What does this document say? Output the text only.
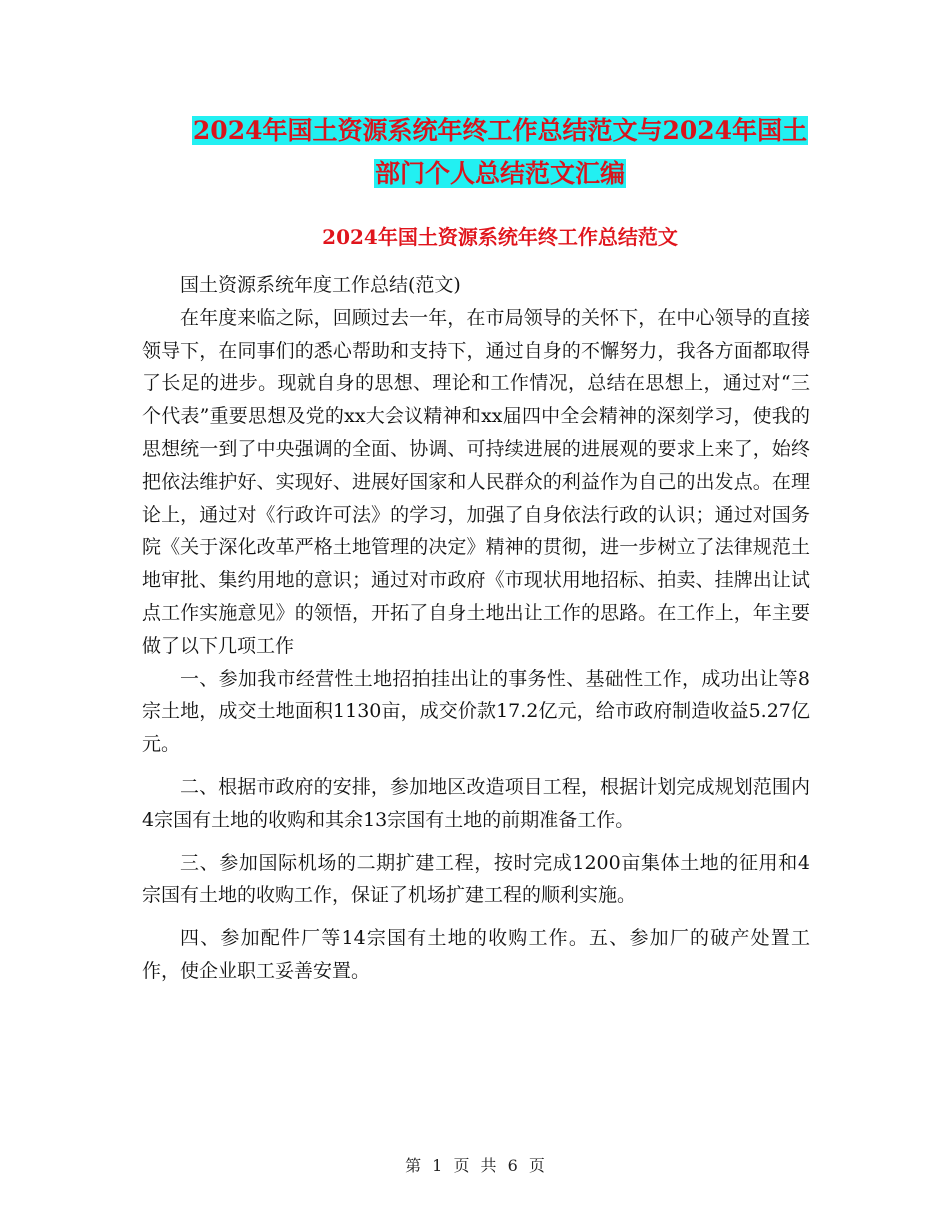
2024年国土资源系统年终工作总结范文与2024年国土
部门个人总结范文汇编
2024年国土资源系统年终工作总结范文

国土资源系统年度工作总结(范文)

在年度来临之际，回顾过去一年，在市局领导的关怀下，在中心领导的直接领导下，在同事们的悉心帮助和支持下，通过自身的不懈努力，我各方面都取得了长足的进步。现就自身的思想、理论和工作情况，总结在思想上，通过对“三个代表”重要思想及党的xx大会议精神和xx届四中全会精神的深刻学习，使我的思想统一到了中央强调的全面、协调、可持续进展的进展观的要求上来了，始终把依法维护好、实现好、进展好国家和人民群众的利益作为自己的出发点。在理论上，通过对《行政许可法》的学习，加强了自身依法行政的认识；通过对国务院《关于深化改革严格土地管理的决定》精神的贯彻，进一步树立了法律规范土地审批、集约用地的意识；通过对市政府《市现状用地招标、拍卖、挂牌出让试点工作实施意见》的领悟，开拓了自身土地出让工作的思路。在工作上，年主要做了以下几项工作

一、参加我市经营性土地招拍挂出让的事务性、基础性工作，成功出让等8宗土地，成交土地面积1130亩，成交价款17.2亿元，给市政府制造收益5.27亿元。

二、根据市政府的安排，参加地区改造项目工程，根据计划完成规划范围内4宗国有土地的收购和其余13宗国有土地的前期准备工作。

三、参加国际机场的二期扩建工程，按时完成1200亩集体土地的征用和4宗国有土地的收购工作，保证了机场扩建工程的顺利实施。

四、参加配件厂等14宗国有土地的收购工作。五、参加厂的破产处置工作，使企业职工妥善安置。

第 1 页 共 6 页
